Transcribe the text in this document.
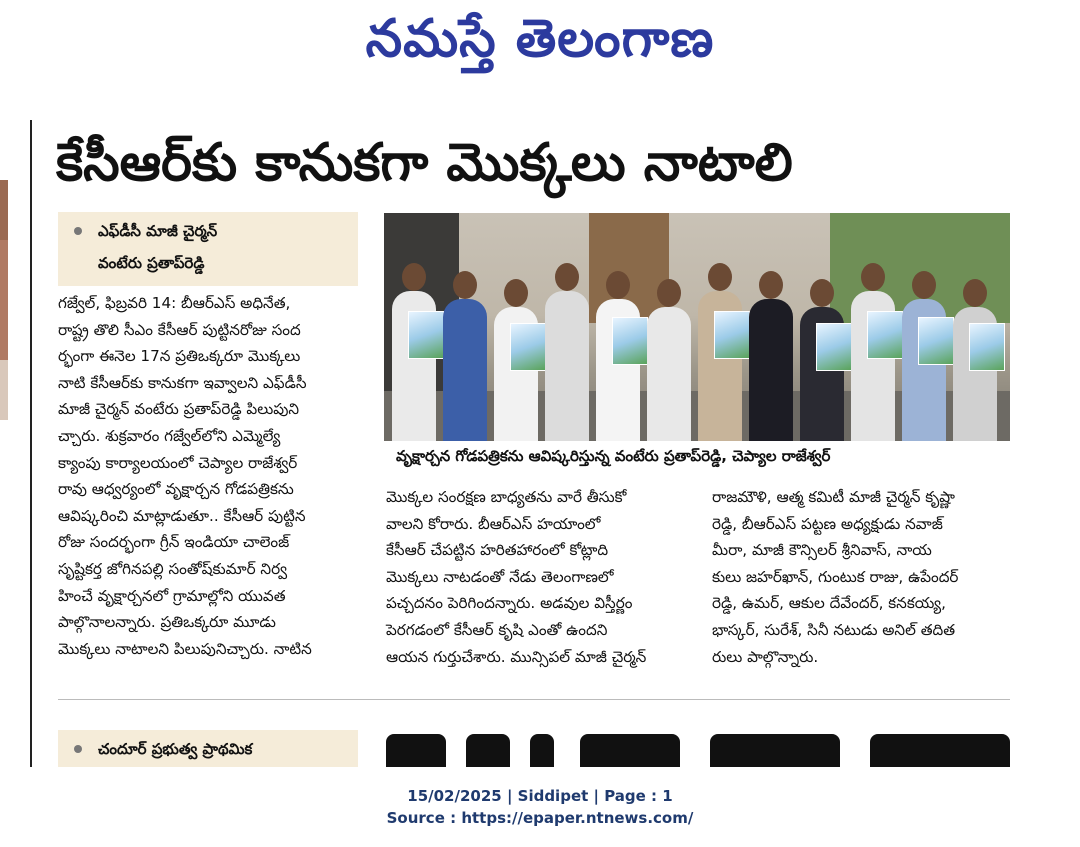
నమస్తే తెలంగాణ
కేసీఆర్‌కు కానుకగా మొక్కలు నాటాలి
ఎఫ్‌డీసీ మాజీ చైర్మన్
వంటేరు ప్రతాప్‌రెడ్డి
గజ్వేల్‌, ఫిబ్రవరి 14: బీఆర్‌ఎస్‌ అధినేత,
రాష్ట్ర తొలి సీఎం కేసీఆర్‌ పుట్టినరోజు సంద
ర్భంగా ఈనెల 17న ప్రతిఒక్కరూ మొక్కలు
నాటి కేసీఆర్‌కు కానుకగా ఇవ్వాలని ఎఫ్‌డీసీ
మాజీ చైర్మన్‌ వంటేరు ప్రతాప్‌రెడ్డి పిలుపుని
చ్చారు. శుక్రవారం గజ్వేల్‌లోని ఎమ్మెల్యే
క్యాంపు కార్యాలయంలో చెప్యాల రాజేశ్వర్‌
రావు ఆధ్వర్యంలో వృక్షార్చన గోడపత్రికను
ఆవిష్కరించి మాట్లాడుతూ.. కేసీఆర్‌ పుట్టిన
రోజు సందర్భంగా గ్రీన్‌ ఇండియా చాలెంజ్‌
సృష్టికర్త జోగినపల్లి సంతోష్‌కుమార్‌ నిర్వ
హించే వృక్షార్చనలో గ్రామాల్లోని యువత
పాల్గొనాలన్నారు. ప్రతిఒక్కరూ మూడు
మొక్కలు నాటాలని పిలుపునిచ్చారు. నాటిన
వృక్షార్చన గోడపత్రికను ఆవిష్కరిస్తున్న వంటేరు ప్రతాప్‌రెడ్డి, చెప్యాల రాజేశ్వర్‌
మొక్కల సంరక్షణ బాధ్యతను వారే తీసుకో
వాలని కోరారు. బీఆర్‌ఎస్‌ హయాంలో
కేసీఆర్‌ చేపట్టిన హరితహారంలో కోట్లాది
మొక్కలు నాటడంతో నేడు తెలంగాణలో
పచ్చదనం పెరిగిందన్నారు. అడవుల విస్తీర్ణం
పెరగడంలో కేసీఆర్‌ కృషి ఎంతో ఉందని
ఆయన గుర్తుచేశారు. మున్సిపల్‌ మాజీ చైర్మన్‌
రాజమౌళి, ఆత్మ కమిటీ మాజీ చైర్మన్‌ కృష్ణా
రెడ్డి, బీఆర్‌ఎస్‌ పట్టణ అధ్యక్షుడు నవాజ్‌
మీరా, మాజీ కౌన్సిలర్‌ శ్రీనివాస్‌, నాయ
కులు జహర్‌ఖాన్‌, గుంటుక రాజు, ఉపేందర్‌
రెడ్డి, ఉమర్‌, ఆకుల దేవేందర్‌, కనకయ్య,
భాస్కర్‌, సురేశ్‌, సినీ నటుడు అనిల్‌ తదిత
రులు పాల్గొన్నారు.
చందూర్‌ ప్రభుత్వ ప్రాథమిక
15/02/2025 | Siddipet | Page : 1
Source : https://epaper.ntnews.com/
